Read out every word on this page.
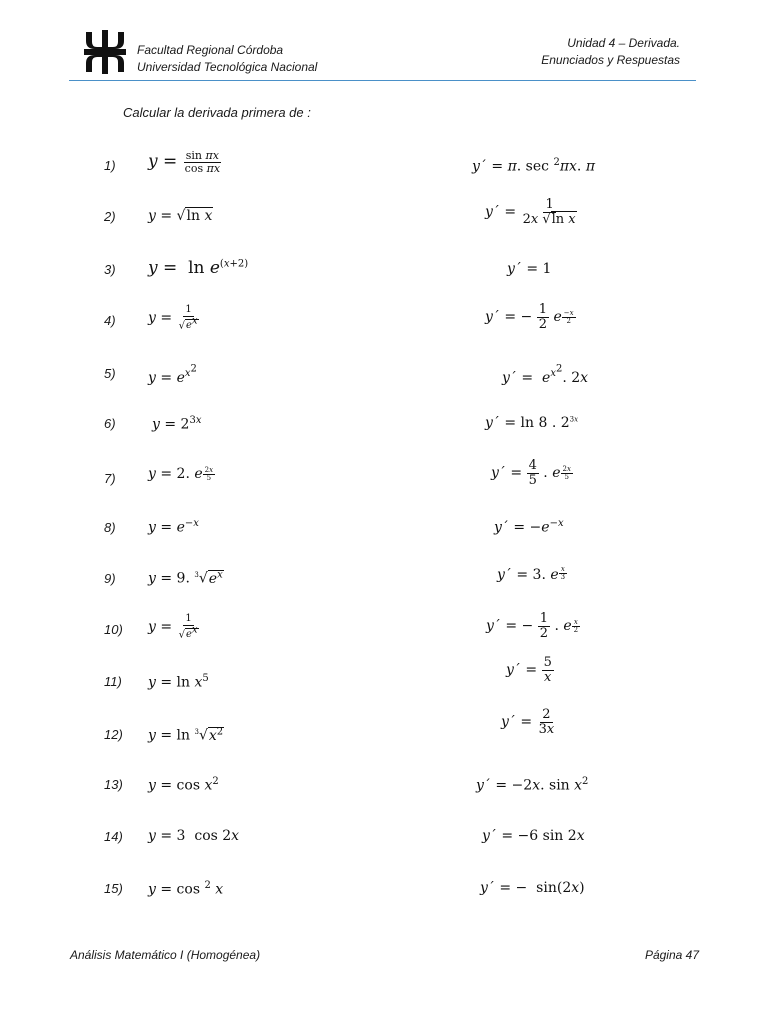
Facultad Regional Córdoba
Universidad Tecnológica Nacional
Unidad 4 – Derivada.
Enunciados y Respuestas
Calcular la derivada primera de :
1)
2)
3)
4)
5)
6)
7)
8)
9)
10)
11)
12)
13)
14)
15)
$y = \frac{\text{sin πx}}{\text{cos πx}}$
y = √ln x
$y = \ln e^{(x+2)}$
$y = \frac{1}{√e^x}$
$y = e^{x^2}$
$y = 2^{3x}$
y = 2. e $\frac{2x}{5}$
$y = e^{-x}$
y = 9. $^3√e^x$
$y = \frac{1}{√e^x}$
$y = \ln x^5$
$y = \ln ^3√x^2$
$y = \cos x^2$
y = 3  cos 2x
y = cos $^2$ x
y´ = π. sec $^2$πx. π
y´ = $\frac{1}{\text{2x √ln x}}$
y´ = 1
y´ = − $\frac{1}{2}$ e $\frac{-x}{2}$
y´ =  $e^{x^2}$. 2x
y´ = ln 8 . $2^{3x}$
y´ = $\frac{4}{5}$ . e $\frac{2x}{5}$
y´ = $-e^{-x}$
y´ = 3. e $\frac{x}{3}$
y´ = − $\frac{1}{2}$ . e $\frac{x}{2}$
y´ = $\frac{5}{x}$
y´ = $\frac{2}{3x}$
y´ = −2x. $\sin x^2$
y´ = −6 sin 2x
y´ = −  sin(2x)
Análisis Matemático I (Homogénea)	Página 47
